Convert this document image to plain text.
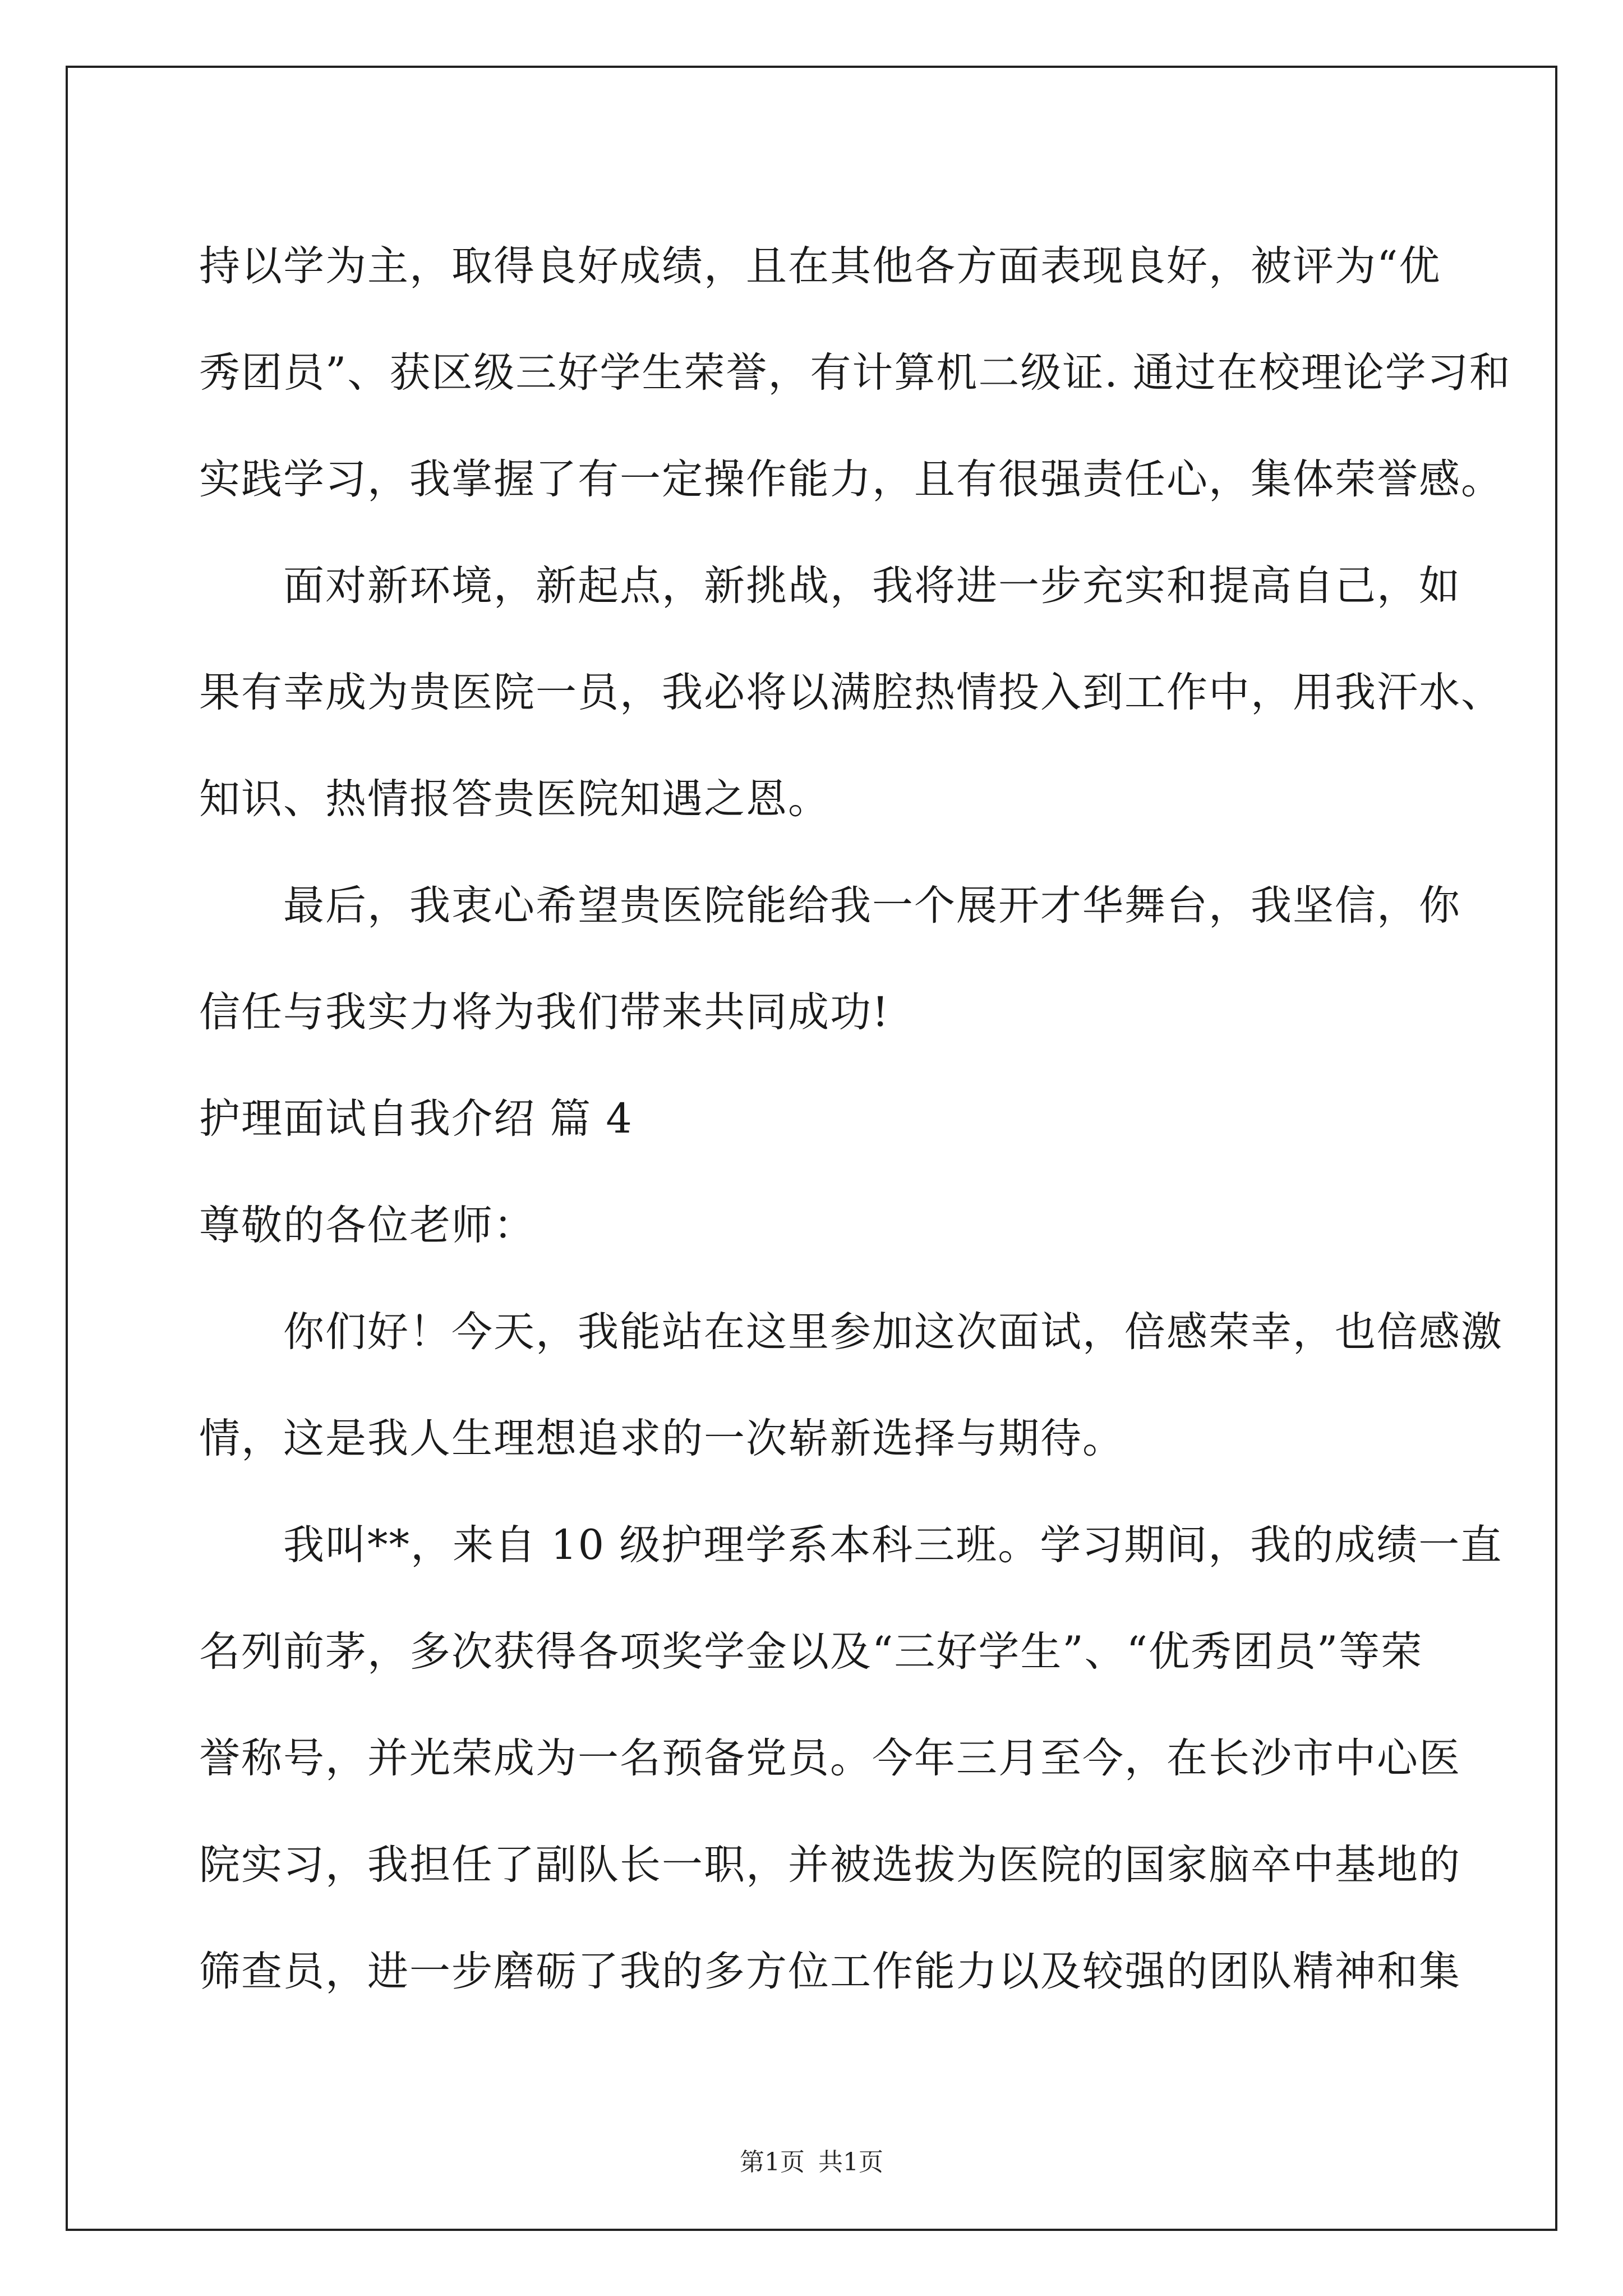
持以学为主，取得良好成绩，且在其他各方面表现良好，被评为“优
秀团员”、获区级三好学生荣誉，有计算机二级证. 通过在校理论学习和
实践学习，我掌握了有一定操作能力，且有很强责任心，集体荣誉感。
面对新环境，新起点，新挑战，我将进一步充实和提高自己，如
果有幸成为贵医院一员，我必将以满腔热情投入到工作中，用我汗水、
知识、热情报答贵医院知遇之恩。
最后，我衷心希望贵医院能给我一个展开才华舞台，我坚信，你
信任与我实力将为我们带来共同成功!
护理面试自我介绍 篇 4
尊敬的各位老师：
你们好！今天，我能站在这里参加这次面试，倍感荣幸，也倍感激
情，这是我人生理想追求的一次崭新选择与期待。
我叫**，来自 10 级护理学系本科三班。学习期间，我的成绩一直
名列前茅，多次获得各项奖学金以及“三好学生”、“优秀团员”等荣
誉称号，并光荣成为一名预备党员。今年三月至今，在长沙市中心医
院实习，我担任了副队长一职，并被选拔为医院的国家脑卒中基地的
筛查员，进一步磨砺了我的多方位工作能力以及较强的团队精神和集
第1页 共1页
